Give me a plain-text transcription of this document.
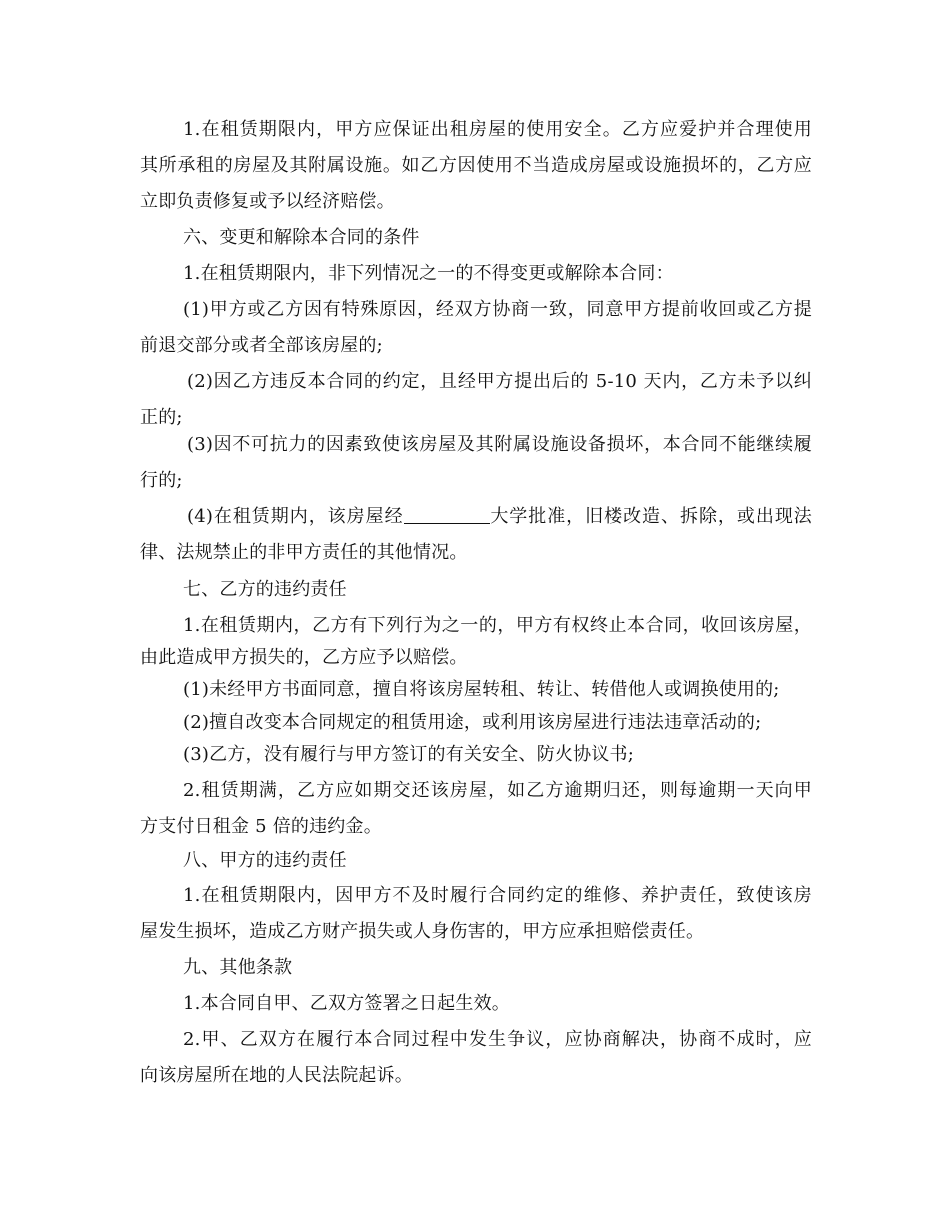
1.在租赁期限内，甲方应保证出租房屋的使用安全。乙方应爱护并合理使用
其所承租的房屋及其附属设施。如乙方因使用不当造成房屋或设施损坏的，乙方应
立即负责修复或予以经济赔偿。
六、变更和解除本合同的条件
1.在租赁期限内，非下列情况之一的不得变更或解除本合同：
(1)甲方或乙方因有特殊原因，经双方协商一致，同意甲方提前收回或乙方提
前退交部分或者全部该房屋的;
(2)因乙方违反本合同的约定，且经甲方提出后的 5-10 天内，乙方未予以纠
正的;
(3)因不可抗力的因素致使该房屋及其附属设施设备损坏，本合同不能继续履
行的;
(4)在租赁期内，该房屋经	大学批准，旧楼改造、拆除，或出现法
律、法规禁止的非甲方责任的其他情况。
七、乙方的违约责任
1.在租赁期内，乙方有下列行为之一的，甲方有权终止本合同，收回该房屋，
由此造成甲方损失的，乙方应予以赔偿。
(1)未经甲方书面同意，擅自将该房屋转租、转让、转借他人或调换使用的;
(2)擅自改变本合同规定的租赁用途，或利用该房屋进行违法违章活动的;
(3)乙方，没有履行与甲方签订的有关安全、防火协议书;
2.租赁期满，乙方应如期交还该房屋，如乙方逾期归还，则每逾期一天向甲
方支付日租金 5 倍的违约金。
八、甲方的违约责任
1.在租赁期限内，因甲方不及时履行合同约定的维修、养护责任，致使该房
屋发生损坏，造成乙方财产损失或人身伤害的，甲方应承担赔偿责任。
九、其他条款
1.本合同自甲、乙双方签署之日起生效。
2.甲、乙双方在履行本合同过程中发生争议，应协商解决，协商不成时，应
向该房屋所在地的人民法院起诉。
